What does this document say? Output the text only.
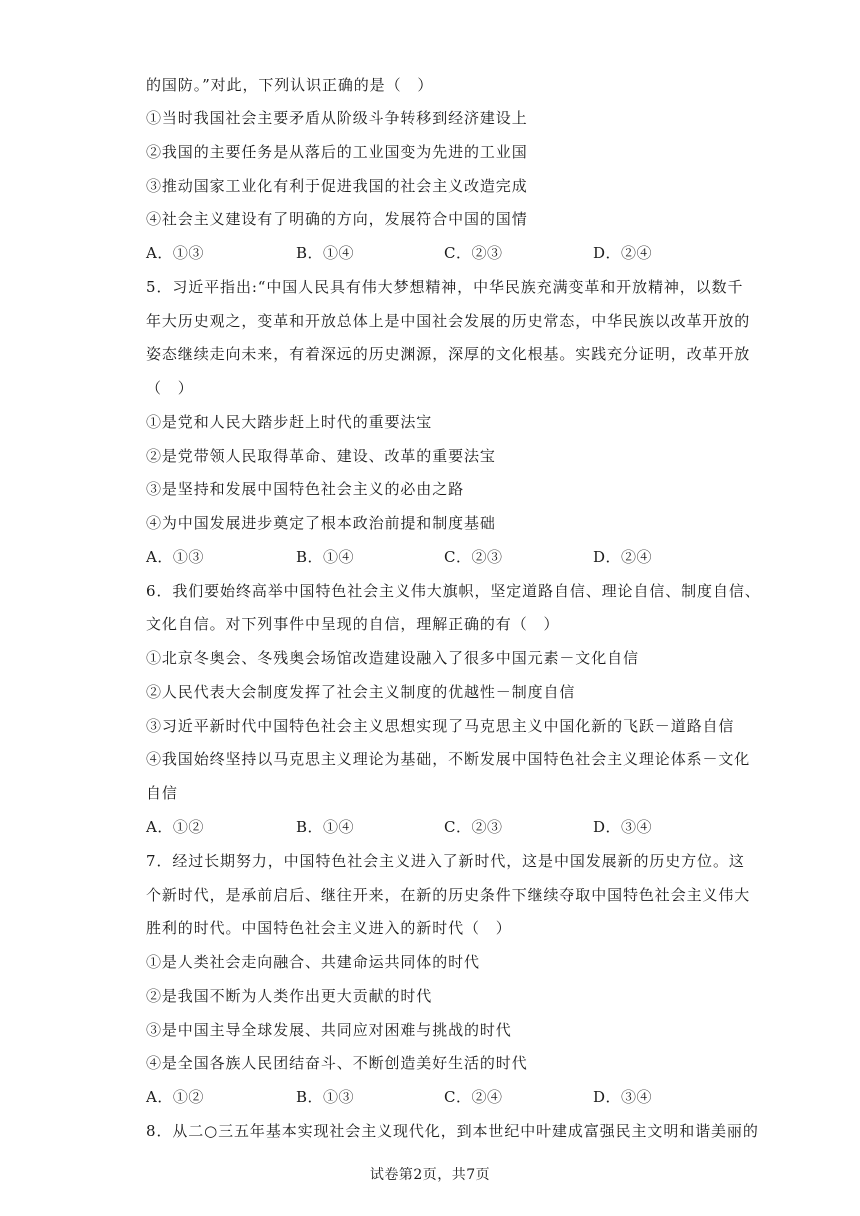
的国防。”对此，下列认识正确的是（　）
①当时我国社会主要矛盾从阶级斗争转移到经济建设上
②我国的主要任务是从落后的工业国变为先进的工业国
③推动国家工业化有利于促进我国的社会主义改造完成
④社会主义建设有了明确的方向，发展符合中国的国情
A．①③	B．①④	C．②③	D．②④
5．习近平指出:“中国人民具有伟大梦想精神，中华民族充满变革和开放精神，以数千
年大历史观之，变革和开放总体上是中国社会发展的历史常态，中华民族以改革开放的
姿态继续走向未来，有着深远的历史渊源，深厚的文化根基。实践充分证明，改革开放
（　）
①是党和人民大踏步赶上时代的重要法宝
②是党带领人民取得革命、建设、改革的重要法宝
③是坚持和发展中国特色社会主义的必由之路
④为中国发展进步奠定了根本政治前提和制度基础
A．①③	B．①④	C．②③	D．②④
6．我们要始终高举中国特色社会主义伟大旗帜，坚定道路自信、理论自信、制度自信、
文化自信。对下列事件中呈现的自信，理解正确的有（　）
①北京冬奥会、冬残奥会场馆改造建设融入了很多中国元素－文化自信
②人民代表大会制度发挥了社会主义制度的优越性－制度自信
③习近平新时代中国特色社会主义思想实现了马克思主义中国化新的飞跃－道路自信
④我国始终坚持以马克思主义理论为基础，不断发展中国特色社会主义理论体系－文化
自信
A．①②	B．①④	C．②③	D．③④
7．经过长期努力，中国特色社会主义进入了新时代，这是中国发展新的历史方位。这
个新时代，是承前启后、继往开来，在新的历史条件下继续夺取中国特色社会主义伟大
胜利的时代。中国特色社会主义进入的新时代（　）
①是人类社会走向融合、共建命运共同体的时代
②是我国不断为人类作出更大贡献的时代
③是中国主导全球发展、共同应对困难与挑战的时代
④是全国各族人民团结奋斗、不断创造美好生活的时代
A．①②	B．①③	C．②④	D．③④
8．从二○三五年基本实现社会主义现代化，到本世纪中叶建成富强民主文明和谐美丽的
试卷第2页，共7页
